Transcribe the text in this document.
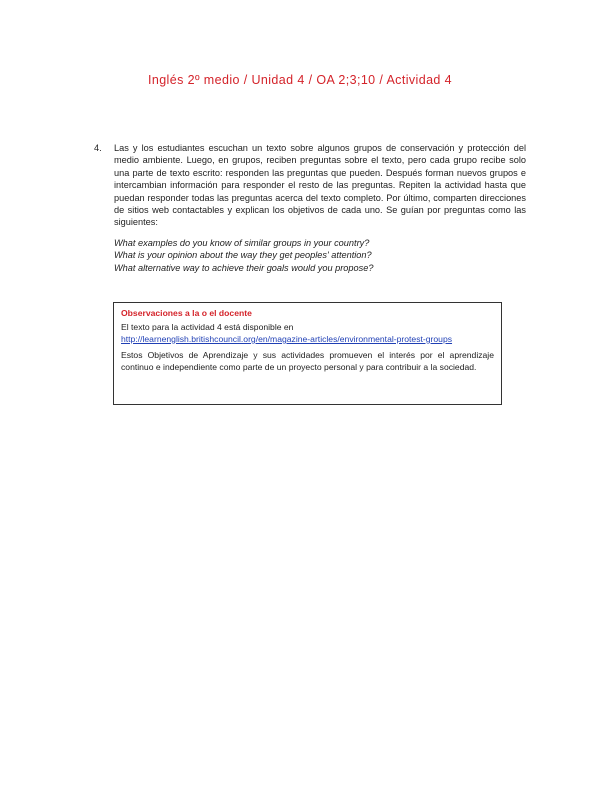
Inglés 2º medio / Unidad 4 / OA 2;3;10 / Actividad 4
4. Las y los estudiantes escuchan un texto sobre algunos grupos de conservación y protección del medio ambiente. Luego, en grupos, reciben preguntas sobre el texto, pero cada grupo recibe solo una parte de texto escrito: responden las preguntas que pueden. Después forman nuevos grupos e intercambian información para responder el resto de las preguntas. Repiten la actividad hasta que puedan responder todas las preguntas acerca del texto completo. Por último, comparten direcciones de sitios web contactables y explican los objetivos de cada uno. Se guían por preguntas como las siguientes:
What examples do you know of similar groups in your country?
What is your opinion about the way they get peoples' attention?
What alternative way to achieve their goals would you propose?
Observaciones a la o el docente
El texto para la actividad 4 está disponible en
http://learnenglish.britishcouncil.org/en/magazine-articles/environmental-protest-groups
Estos Objetivos de Aprendizaje y sus actividades promueven el interés por el aprendizaje continuo e independiente como parte de un proyecto personal y para contribuir a la sociedad.
